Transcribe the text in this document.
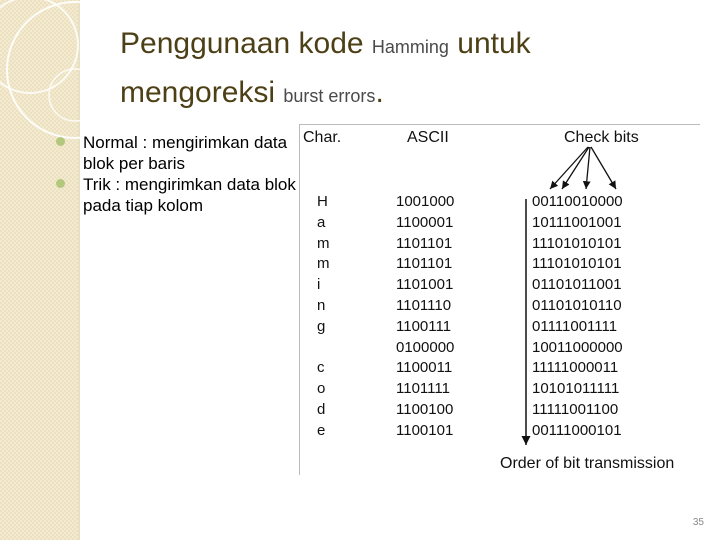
Penggunaan kode Hamming untuk
mengoreksi burst errors.
Normal : mengirimkan data blok per baris
Trik : mengirimkan data blok pada tiap kolom
Char.	ASCII	Check bits
H
a
m
m
i
n
g
c
o
d
e
1001000
1100001
1101101
1101101
1101001
1101110
1100111
0100000
1100011
1101111
1100100
1100101
00110010000
10111001001
11101010101
11101010101
01101011001
01101010110
01111001111
10011000000
11111000011
10101011111
11111001100
00111000101
Order of bit transmission
35
